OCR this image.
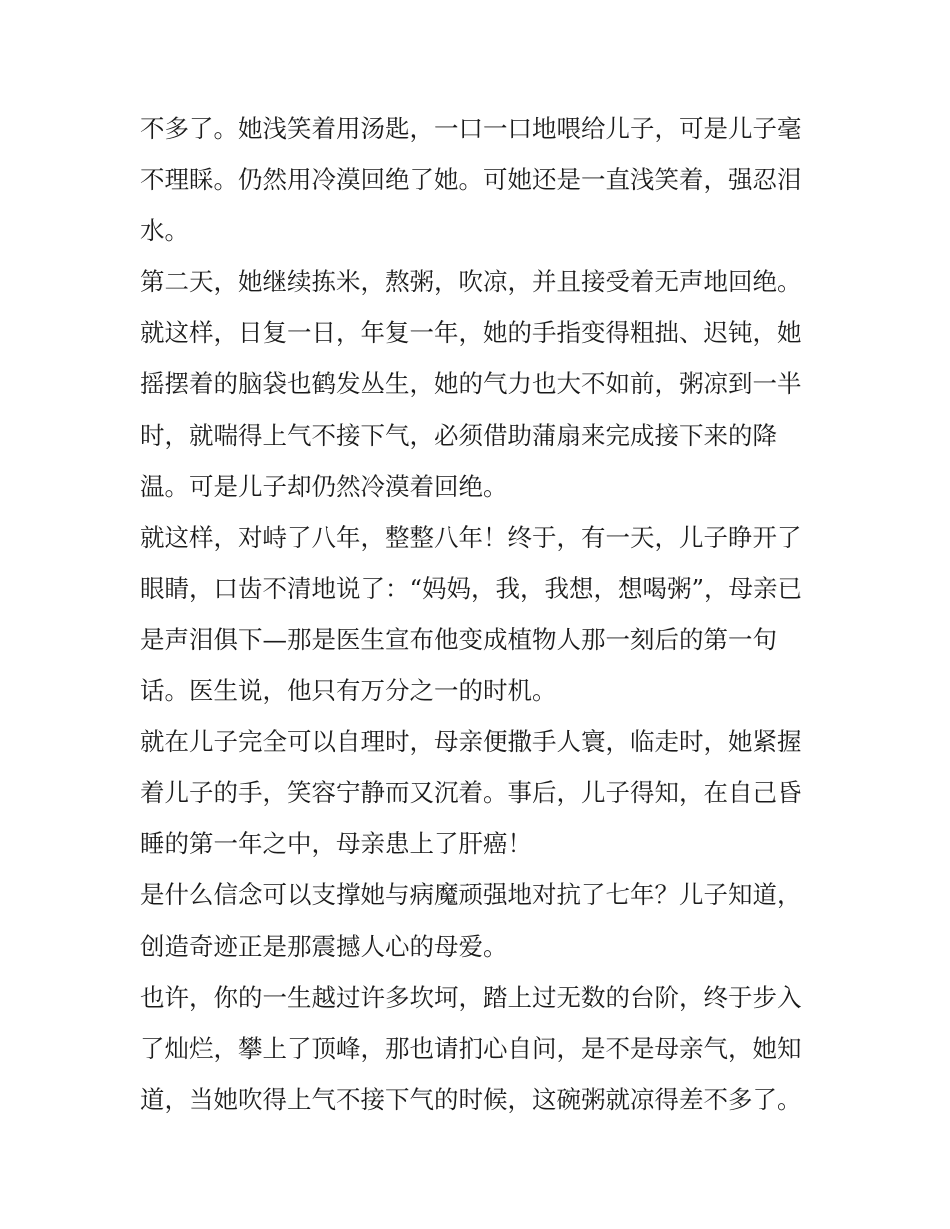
不多了。她浅笑着用汤匙，一口一口地喂给儿子，可是儿子毫
不理睬。仍然用冷漠回绝了她。可她还是一直浅笑着，强忍泪
水。
第二天，她继续拣米，熬粥，吹凉，并且接受着无声地回绝。
就这样，日复一日，年复一年，她的手指变得粗拙、迟钝，她
摇摆着的脑袋也鹤发丛生，她的气力也大不如前，粥凉到一半
时，就喘得上气不接下气，必须借助蒲扇来完成接下来的降
温。可是儿子却仍然冷漠着回绝。
就这样，对峙了八年，整整八年！终于，有一天，儿子睁开了
眼睛，口齿不清地说了：“妈妈，我，我想，想喝粥”，母亲已
是声泪俱下—那是医生宣布他变成植物人那一刻后的第一句
话。医生说，他只有万分之一的时机。
就在儿子完全可以自理时，母亲便撒手人寰，临走时，她紧握
着儿子的手，笑容宁静而又沉着。事后，儿子得知，在自己昏
睡的第一年之中，母亲患上了肝癌！
是什么信念可以支撑她与病魔顽强地对抗了七年？儿子知道，
创造奇迹正是那震撼人心的母爱。
也许，你的一生越过许多坎坷，踏上过无数的台阶，终于步入
了灿烂，攀上了顶峰，那也请扪心自问，是不是母亲气，她知
道，当她吹得上气不接下气的时候，这碗粥就凉得差不多了。
